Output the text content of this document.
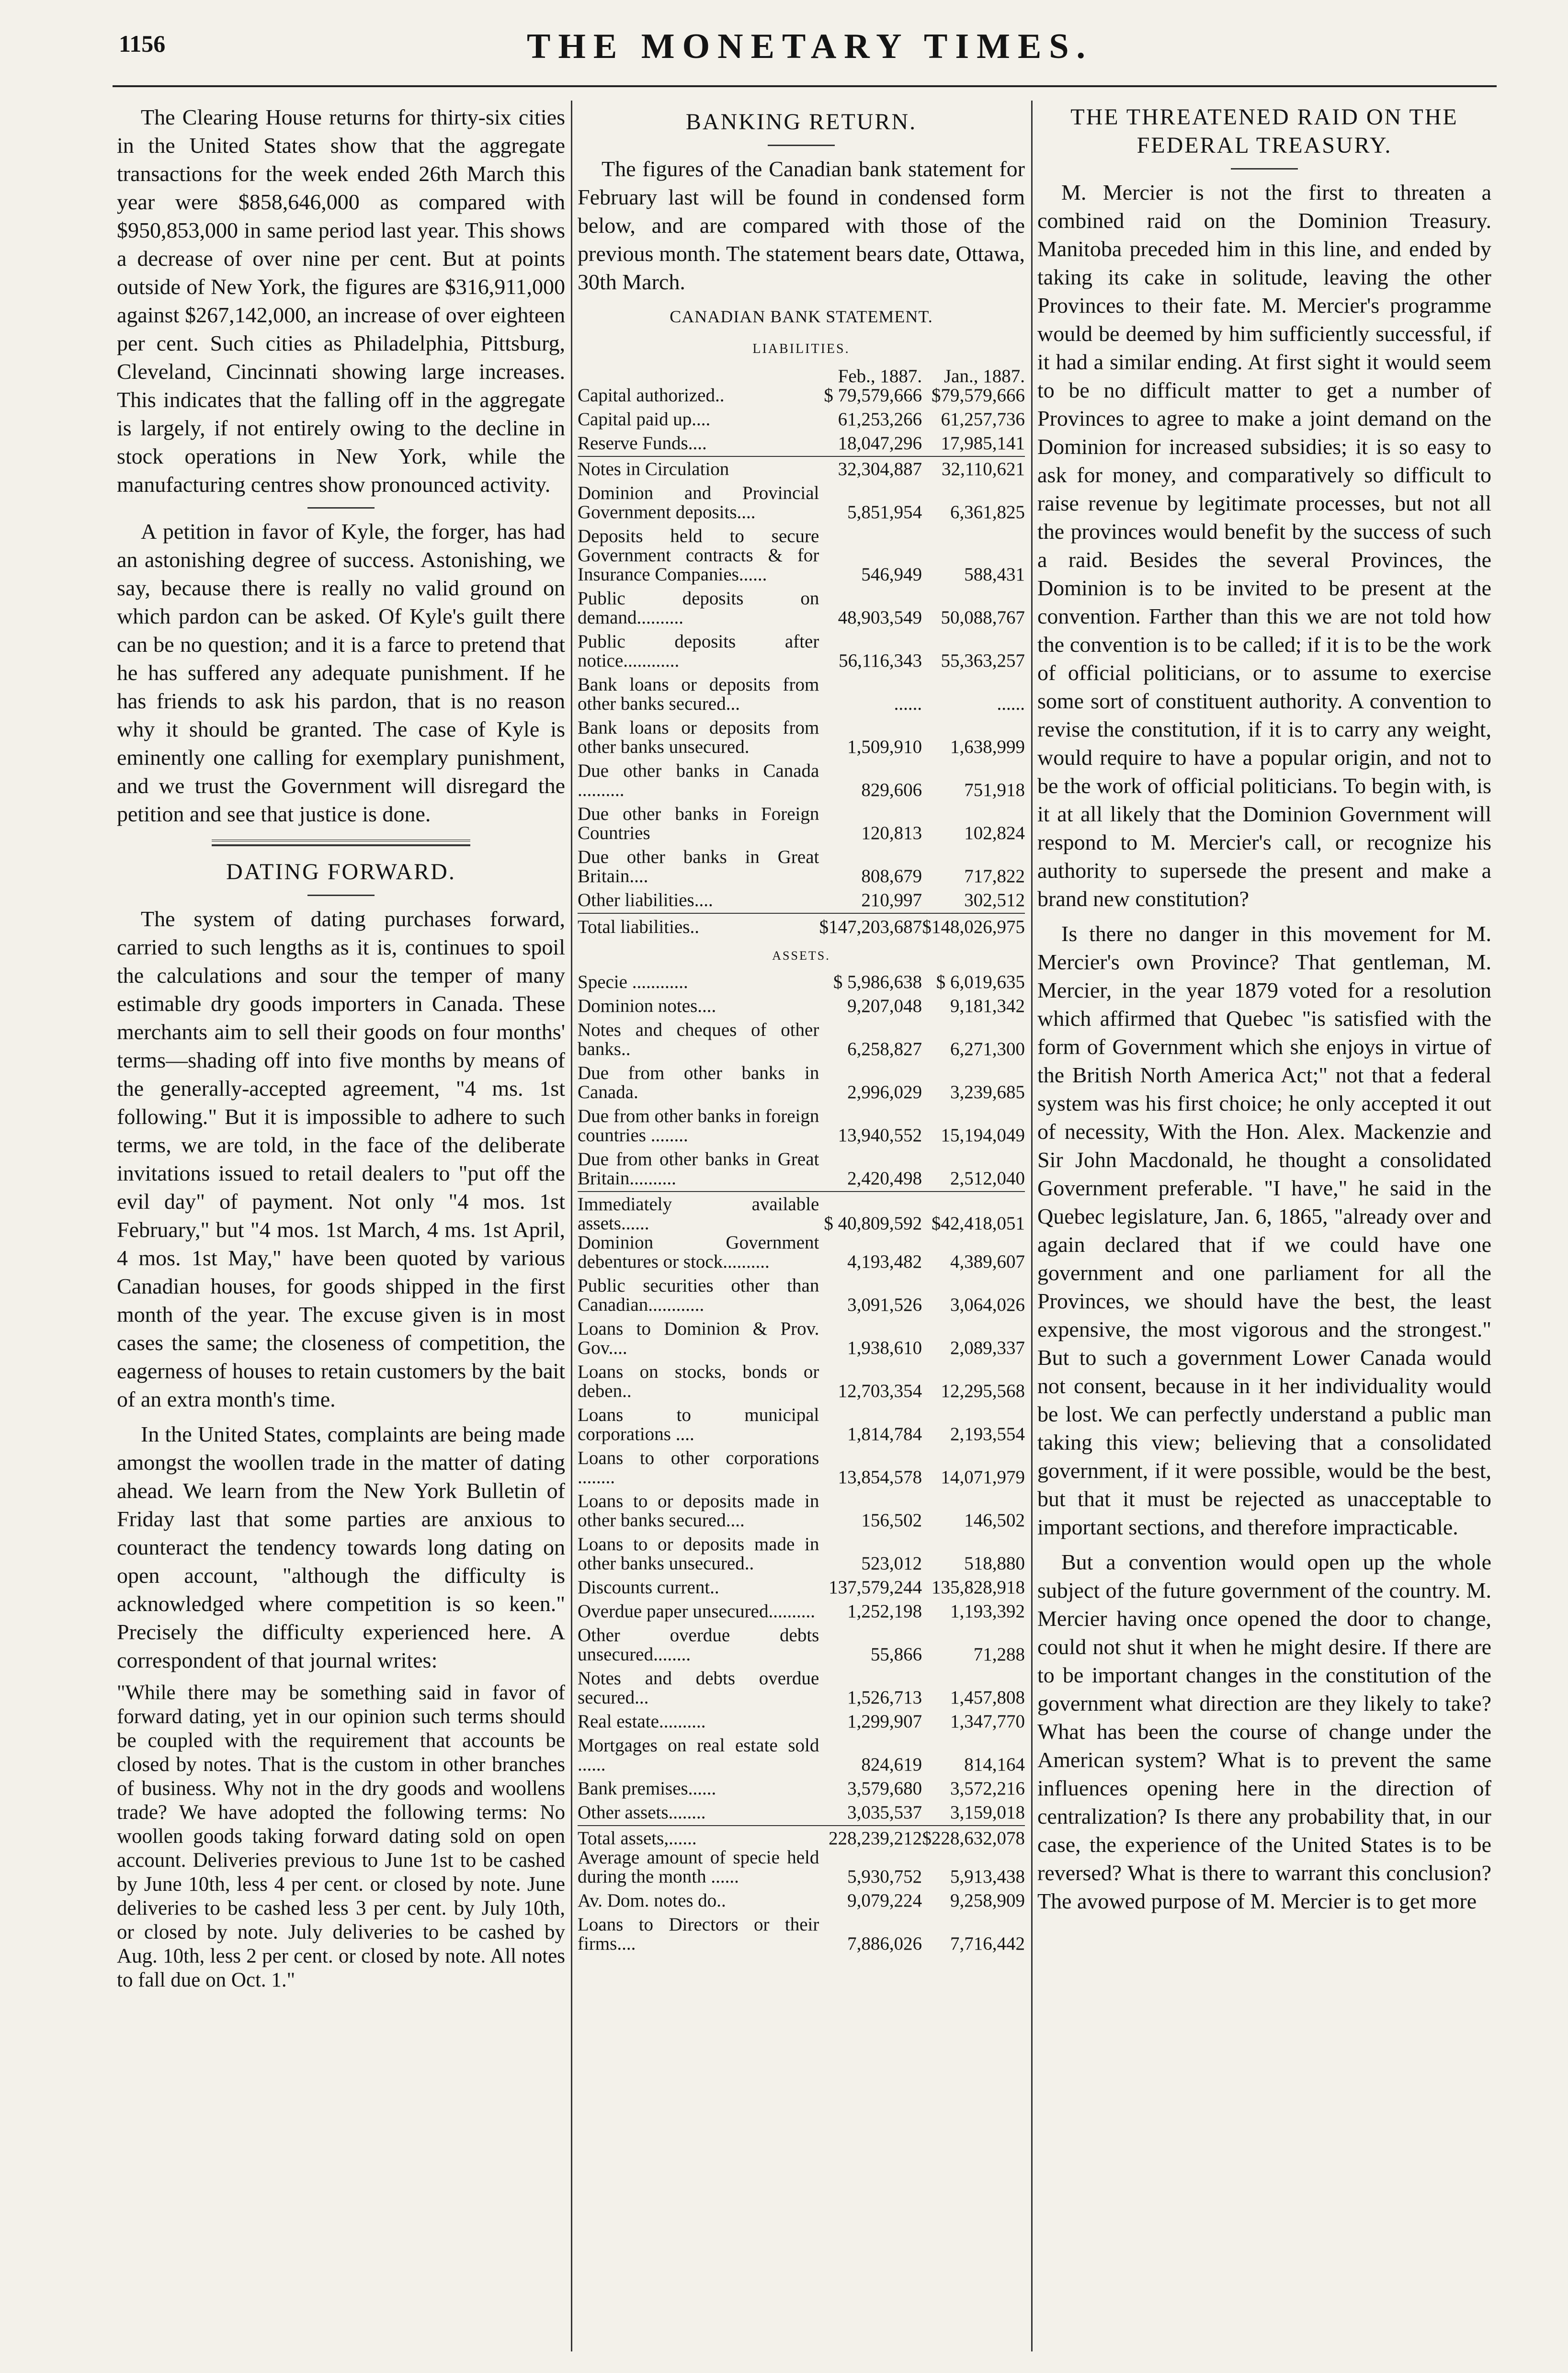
1156	THE MONETARY TIMES.

The Clearing House returns for thirty-six cities in the United States show that the aggregate transactions for the week ended 26th March this year were $858,646,000 as compared with $950,853,000 in same period last year. This shows a decrease of over nine per cent. But at points outside of New York, the figures are $316,911,000 against $267,142,000, an increase of over eighteen per cent. Such cities as Philadelphia, Pittsburg, Cleveland, Cincinnati showing large increases. This indicates that the falling off in the aggregate is largely, if not entirely owing to the decline in stock operations in New York, while the manufacturing centres show pronounced activity.

A petition in favor of Kyle, the forger, has had an astonishing degree of success. Astonishing, we say, because there is really no valid ground on which pardon can be asked. Of Kyle's guilt there can be no question; and it is a farce to pretend that he has suffered any adequate punishment. If he has friends to ask his pardon, that is no reason why it should be granted. The case of Kyle is eminently one calling for exemplary punishment, and we trust the Government will disregard the petition and see that justice is done.

DATING FORWARD.

The system of dating purchases forward, carried to such lengths as it is, continues to spoil the calculations and sour the temper of many estimable dry goods importers in Canada. These merchants aim to sell their goods on four months' terms—shading off into five months by means of the generally-accepted agreement, "4 ms. 1st following." But it is impossible to adhere to such terms, we are told, in the face of the deliberate invitations issued to retail dealers to "put off the evil day" of payment. Not only "4 mos. 1st February," but "4 mos. 1st March, 4 ms. 1st April, 4 mos. 1st May," have been quoted by various Canadian houses, for goods shipped in the first month of the year. The excuse given is in most cases the same; the closeness of competition, the eagerness of houses to retain customers by the bait of an extra month's time.

In the United States, complaints are being made amongst the woollen trade in the matter of dating ahead. We learn from the New York Bulletin of Friday last that some parties are anxious to counteract the tendency towards long dating on open account, "although the difficulty is acknowledged where competition is so keen." Precisely the difficulty experienced here. A correspondent of that journal writes:

"While there may be something said in favor of forward dating, yet in our opinion such terms should be coupled with the requirement that accounts be closed by notes. That is the custom in other branches of business. Why not in the dry goods and woollens trade? We have adopted the following terms: No woollen goods taking forward dating sold on open account. Deliveries previous to June 1st to be cashed by June 10th, less 4 per cent. or closed by note. June deliveries to be cashed less 3 per cent. by July 10th, or closed by note. July deliveries to be cashed by Aug. 10th, less 2 per cent. or closed by note. All notes to fall due on Oct. 1."

BANKING RETURN.

The figures of the Canadian bank statement for February last will be found in condensed form below, and are compared with those of the previous month. The statement bears date, Ottawa, 30th March.

CANADIAN BANK STATEMENT.
LIABILITIES.
	Feb., 1887.	Jan., 1887.
Capital authorized..	$ 79,579,666	$79,579,666
Capital paid up....	61,253,266	61,257,736
Reserve Funds....	18,047,296	17,985,141
Notes in Circulation	32,304,887	32,110,621
Dominion and Provincial Government deposits....	5,851,954	6,361,825
Deposits held to secure Government contracts & for Insurance Companies......	546,949	588,431
Public deposits on demand..........	48,903,549	50,088,767
Public deposits after notice............	56,116,343	55,363,257
Bank loans or deposits from other banks secured...	......	......
Bank loans or deposits from other banks unsecured.	1,509,910	1,638,999
Due other banks in Canada ..........	829,606	751,918
Due other banks in Foreign Countries	120,813	102,824
Due other banks in Great Britain....	808,679	717,822
Other liabilities....	210,997	302,512
Total liabilities..	$147,203,687	$148,026,975
ASSETS.
Specie ............	$ 5,986,638	$ 6,019,635
Dominion notes....	9,207,048	9,181,342
Notes and cheques of other banks..	6,258,827	6,271,300
Due from other banks in Canada.	2,996,029	3,239,685
Due from other banks in foreign countries ........	13,940,552	15,194,049
Due from other banks in Great Britain..........	2,420,498	2,512,040
Immediately available assets......	$ 40,809,592	$42,418,051
Dominion Government debentures or stock..........	4,193,482	4,389,607
Public securities other than Canadian............	3,091,526	3,064,026
Loans to Dominion & Prov. Gov....	1,938,610	2,089,337
Loans on stocks, bonds or deben..	12,703,354	12,295,568
Loans to municipal corporations ....	1,814,784	2,193,554
Loans to other corporations ........	13,854,578	14,071,979
Loans to or deposits made in other banks secured....	156,502	146,502
Loans to or deposits made in other banks unsecured..	523,012	518,880
Discounts current..	137,579,244	135,828,918
Overdue paper unsecured..........	1,252,198	1,193,392
Other overdue debts unsecured........	55,866	71,288
Notes and debts overdue secured...	1,526,713	1,457,808
Real estate..........	1,299,907	1,347,770
Mortgages on real estate sold ......	824,619	814,164
Bank premises......	3,579,680	3,572,216
Other assets........	3,035,537	3,159,018
Total assets,......	228,239,212	$228,632,078
Average amount of specie held during the month ......	5,930,752	5,913,438
Av. Dom. notes do..	9,079,224	9,258,909
Loans to Directors or their firms....	7,886,026	7,716,442
THE THREATENED RAID ON THE FEDERAL TREASURY.

M. Mercier is not the first to threaten a combined raid on the Dominion Treasury. Manitoba preceded him in this line, and ended by taking its cake in solitude, leaving the other Provinces to their fate. M. Mercier's programme would be deemed by him sufficiently successful, if it had a similar ending. At first sight it would seem to be no difficult matter to get a number of Provinces to agree to make a joint demand on the Dominion for increased subsidies; it is so easy to ask for money, and comparatively so difficult to raise revenue by legitimate processes, but not all the provinces would benefit by the success of such a raid. Besides the several Provinces, the Dominion is to be invited to be present at the convention. Farther than this we are not told how the convention is to be called; if it is to be the work of official politicians, or to assume to exercise some sort of constituent authority. A convention to revise the constitution, if it is to carry any weight, would require to have a popular origin, and not to be the work of official politicians. To begin with, is it at all likely that the Dominion Government will respond to M. Mercier's call, or recognize his authority to supersede the present and make a brand new constitution?

Is there no danger in this movement for M. Mercier's own Province? That gentleman, M. Mercier, in the year 1879 voted for a resolution which affirmed that Quebec "is satisfied with the form of Government which she enjoys in virtue of the British North America Act;" not that a federal system was his first choice; he only accepted it out of necessity, With the Hon. Alex. Mackenzie and Sir John Macdonald, he thought a consolidated Government preferable. "I have," he said in the Quebec legislature, Jan. 6, 1865, "already over and again declared that if we could have one government and one parliament for all the Provinces, we should have the best, the least expensive, the most vigorous and the strongest." But to such a government Lower Canada would not consent, because in it her individuality would be lost. We can perfectly understand a public man taking this view; believing that a consolidated government, if it were possible, would be the best, but that it must be rejected as unacceptable to important sections, and therefore impracticable.

But a convention would open up the whole subject of the future government of the country. M. Mercier having once opened the door to change, could not shut it when he might desire. If there are to be important changes in the constitution of the government what direction are they likely to take? What has been the course of change under the American system? What is to prevent the same influences opening here in the direction of centralization? Is there any probability that, in our case, the experience of the United States is to be reversed? What is there to warrant this conclusion? The avowed purpose of M. Mercier is to get more
